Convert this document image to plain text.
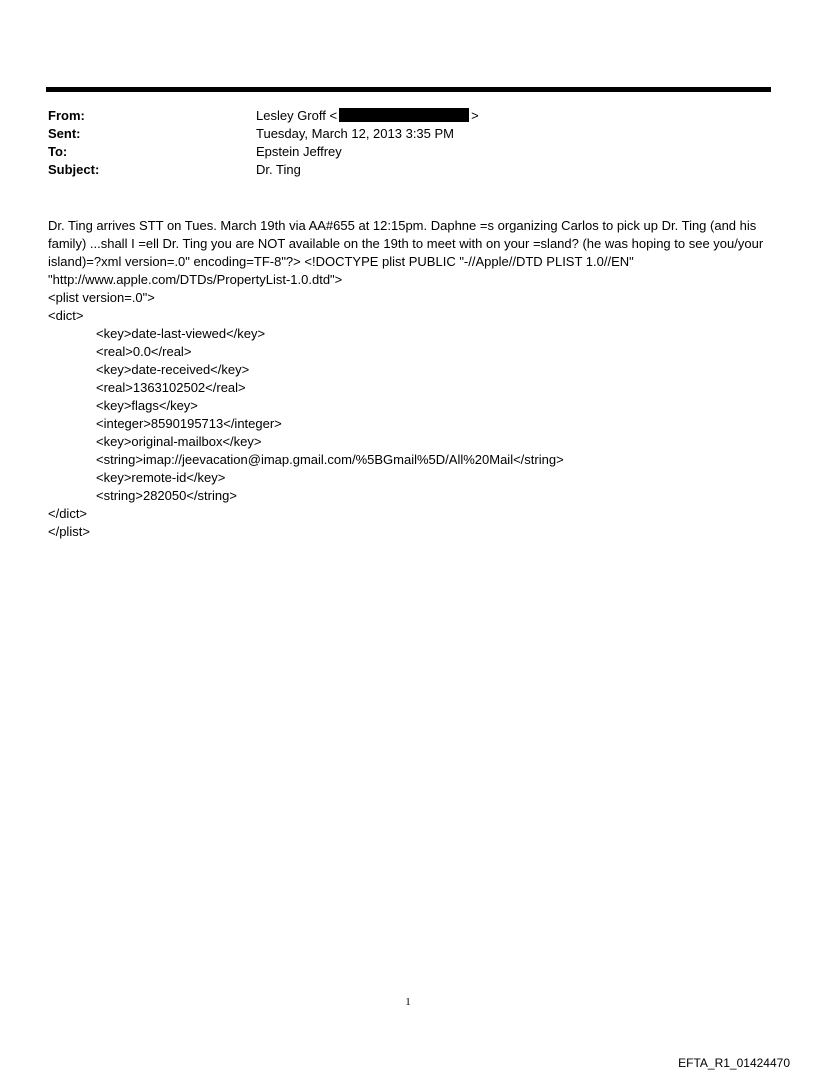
From:	Lesley Groff <	>
Sent:	Tuesday, March 12, 2013 3:35 PM
To:	Epstein Jeffrey
Subject:	Dr. Ting

Dr. Ting arrives STT on Tues. March 19th via AA#655 at 12:15pm. Daphne =s organizing Carlos to pick up Dr. Ting (and his family) ...shall I =ell Dr. Ting you are NOT available on the 19th to meet with on your =sland? (he was hoping to see you/your island)=?xml version=.0" encoding=TF-8"?> <!DOCTYPE plist PUBLIC "-//Apple//DTD PLIST 1.0//EN" "http://www.apple.com/DTDs/PropertyList-1.0.dtd">

<plist version=.0">
<dict>
<key>date-last-viewed</key>
<real>0.0</real>
<key>date-received</key>
<real>1363102502</real>
<key>flags</key>
<integer>8590195713</integer>
<key>original-mailbox</key>
<string>imap://jeevacation@imap.gmail.com/%5BGmail%5D/All%20Mail</string>
<key>remote-id</key>
<string>282050</string>
</dict>
</plist>
1
EFTA_R1_01424470
